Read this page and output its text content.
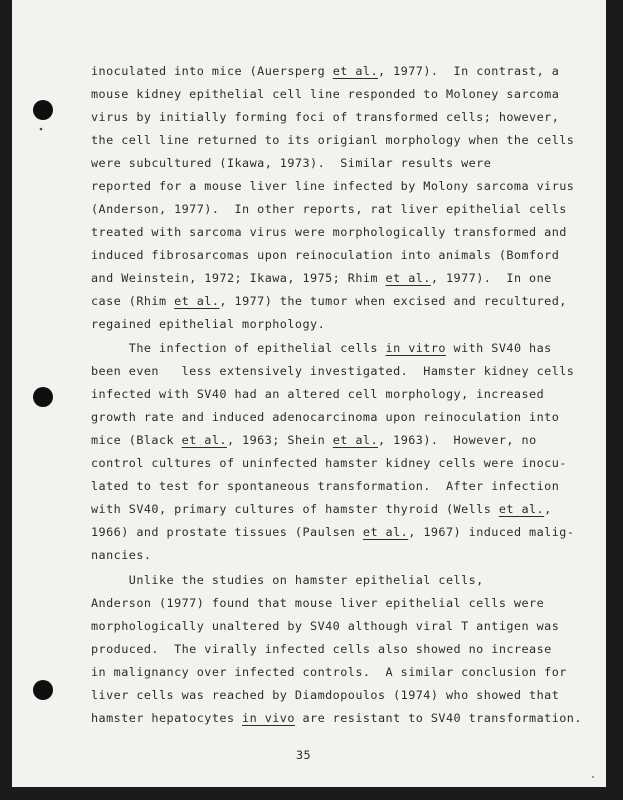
inoculated into mice (Auersperg et al., 1977).  In contrast, a
mouse kidney epithelial cell line responded to Moloney sarcoma
virus by initially forming foci of transformed cells; however,
the cell line returned to its origianl morphology when the cells
were subcultured (Ikawa, 1973).  Similar results were
reported for a mouse liver line infected by Molony sarcoma virus
(Anderson, 1977).  In other reports, rat liver epithelial cells
treated with sarcoma virus were morphologically transformed and
induced fibrosarcomas upon reinoculation into animals (Bomford
and Weinstein, 1972; Ikawa, 1975; Rhim et al., 1977).  In one
case (Rhim et al., 1977) the tumor when excised and recultured,
regained epithelial morphology.
The infection of epithelial cells in vitro with SV40 has
been even   less extensively investigated.  Hamster kidney cells
infected with SV40 had an altered cell morphology, increased
growth rate and induced adenocarcinoma upon reinoculation into
mice (Black et al., 1963; Shein et al., 1963).  However, no
control cultures of uninfected hamster kidney cells were inocu-
lated to test for spontaneous transformation.  After infection
with SV40, primary cultures of hamster thyroid (Wells et al.,
1966) and prostate tissues (Paulsen et al., 1967) induced malig-
nancies.
Unlike the studies on hamster epithelial cells,
Anderson (1977) found that mouse liver epithelial cells were
morphologically unaltered by SV40 although viral T antigen was
produced.  The virally infected cells also showed no increase
in malignancy over infected controls.  A similar conclusion for
liver cells was reached by Diamdopoulos (1974) who showed that
hamster hepatocytes in vivo are resistant to SV40 transformation.
35
